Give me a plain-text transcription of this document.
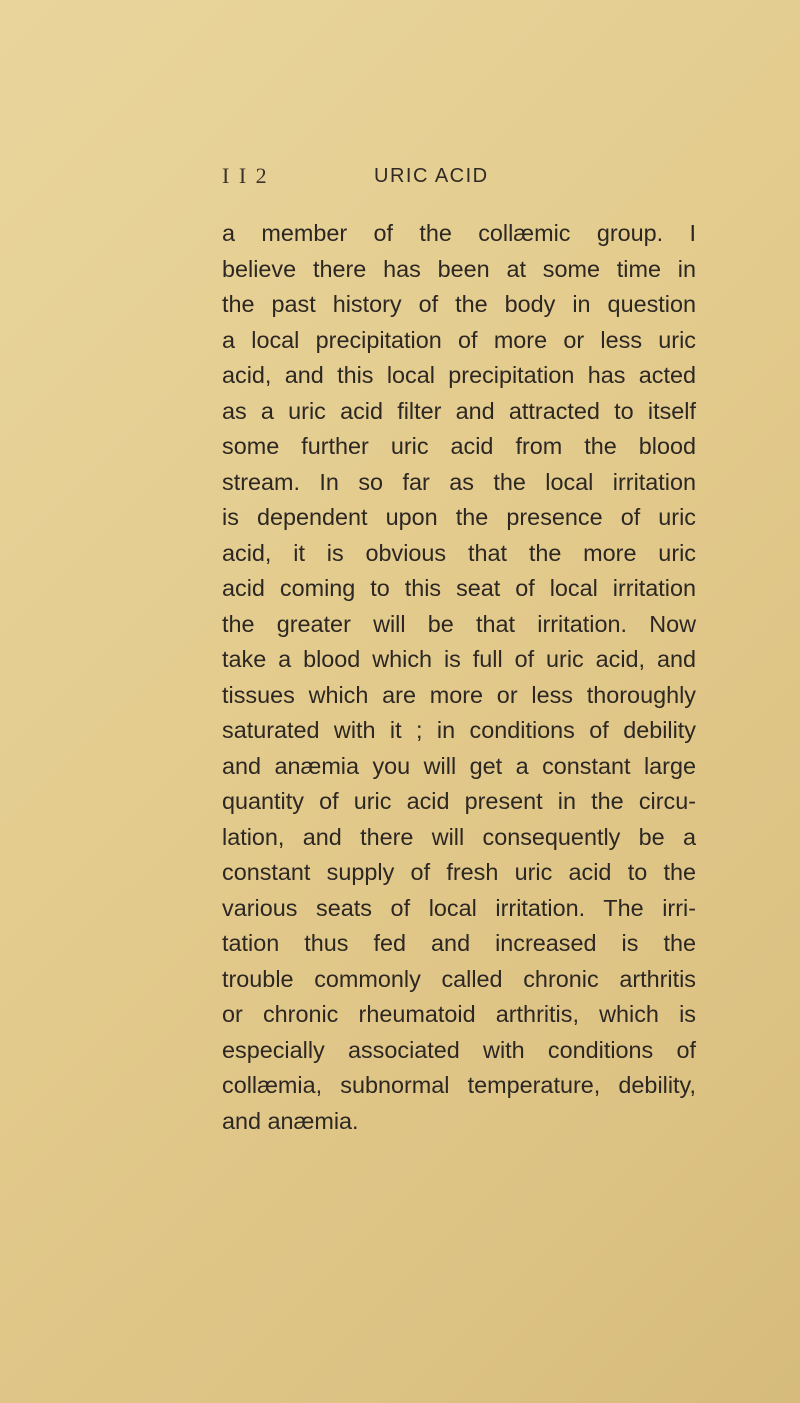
I I 2	URIC ACID

a member of the collæmic group. I
believe there has been at some time in
the past history of the body in question
a local precipitation of more or less uric
acid, and this local precipitation has acted
as a uric acid filter and attracted to itself
some further uric acid from the blood
stream. In so far as the local irritation
is dependent upon the presence of uric
acid, it is obvious that the more uric
acid coming to this seat of local irritation
the greater will be that irritation. Now
take a blood which is full of uric acid, and
tissues which are more or less thoroughly
saturated with it ; in conditions of debility
and anæmia you will get a constant large
quantity of uric acid present in the circu-
lation, and there will consequently be a
constant supply of fresh uric acid to the
various seats of local irritation. The irri-
tation thus fed and increased is the
trouble commonly called chronic arthritis
or chronic rheumatoid arthritis, which is
especially associated with conditions of
collæmia, subnormal temperature, debility,
and anæmia.
